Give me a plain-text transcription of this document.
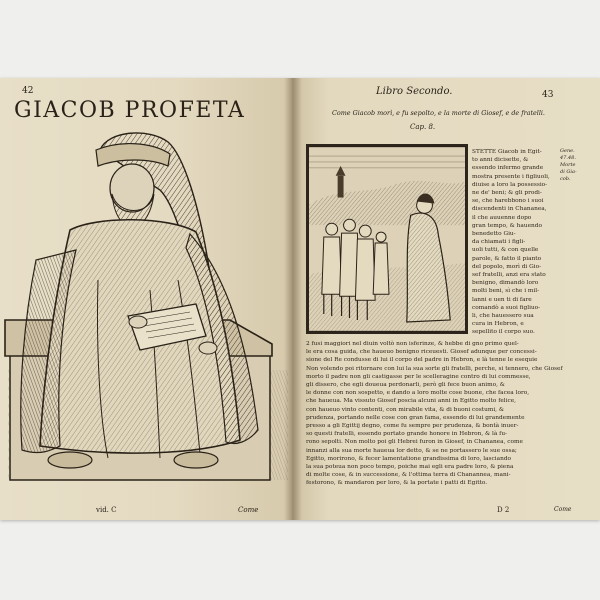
42
GIACOB PROFETA
vid. C	Come
Libro Secondo.	43
Come Giacob morì, e fu sepolto, e la morte di Giosef, e de fratelli.
Cap. 8.
STETTE Giacob in Egit-
to anni dicisette, &
essendo infermo grande
mostra presente i figliuoli,
diuise a loro la possessio-
ne de' beni; & gli prodi-
se, che harebbono i suoi
discendenti in Chananea,
il che auuenne dopo
gran tempo, & hauendo
benedetto Giu-
da chiamati i figli-
uoli tutti, & con quelle
parole, & fatto il pianto
del popolo, morì di Gio-
sef fratelli, anzi era stato
benigno, dimandò loro
molti beni, sì che i mil-
lanni e uen ti di fare
comandò a suoi figliuo-
li, che hauessero sua
cura in Hebron, e
sepellito il corpo suo.
Gene.
47.48.
Morte
di Gia-
cob.
2 fusi maggiori nel diuin voltò non isferinze, & hebbe di gno primo quel-
le era cosa guida, che haueuo benigno riceuesti. Giosef adunque per concessi-
sione del Re condusse di lui il corpo del padre in Hebron, e là tenne le esequie
Non volendo poi ritornare con lui la sua sorte gli fratelli, perche, si tennero, che Giosef
morto il padre non gli castigasse per le scelleragine contro di lui commesse,
gli dissero, che egli doueua perdonarli, però gli fece buon animo, &
le donne con non sospetto, e dando a loro molte cose buone, che facea loro,
che haueua. Ma vissuto Giosef poscia alcuni anni in Egitto molto felice,
con haueuo vinto contenti, con mirabile vita, & di buoni costumi, &
prudenza, portando nelle cose con gran fama, essendo di lui grandemente
presso a gli Egittij degno, come fu sempre per prudenza, & bontà inuer-
so questi fratelli, essendo portato grande honore in Hebron, & là fu-
rono sepolti. Non molto poi gli Hebrei furon in Giosef, in Chananea, come
innanzi alla sua morte haueua lor detto, & se ne portassero le sue ossa;
Egitto, morirono, & fecer lamentatione grandissima di loro, lasciando
la sua poteua non poco tempo, poiche mai egli era padre loro, & piena
di molte cose, & in successione, & l'ottima terra di Chanannea, mani-
festorono, & mandaron per loro, & la portate i patti di Egitto.
D 2	Come
